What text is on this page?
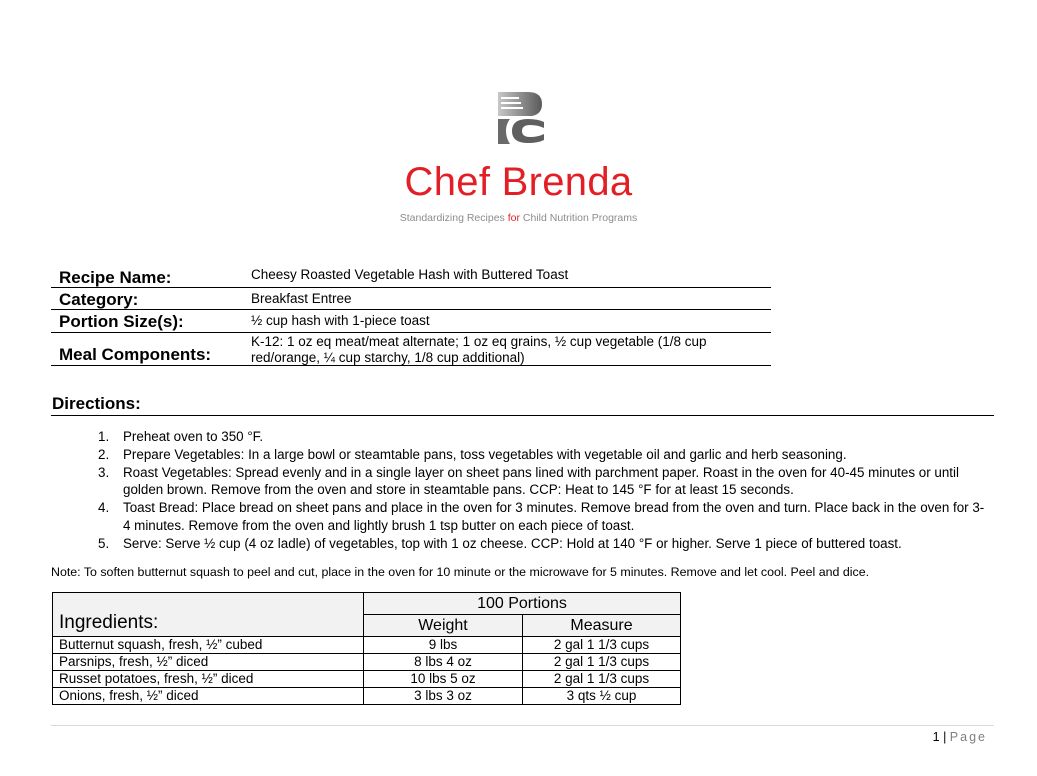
Chef Brenda
Standardizing Recipes for Child Nutrition Programs
Recipe Name:	Cheesy Roasted Vegetable Hash with Buttered Toast
Category:	Breakfast Entree
Portion Size(s):	½ cup hash with 1-piece toast
Meal Components:
K-12: 1 oz eq meat/meat alternate; 1 oz eq grains, ½ cup vegetable (1/8 cup red/orange, ¼ cup starchy, 1/8 cup additional)
Directions:
1. Preheat oven to 350 °F.
2. Prepare Vegetables: In a large bowl or steamtable pans, toss vegetables with vegetable oil and garlic and herb seasoning.
3. Roast Vegetables: Spread evenly and in a single layer on sheet pans lined with parchment paper. Roast in the oven for 40-45 minutes or until golden brown. Remove from the oven and store in steamtable pans. CCP: Heat to 145 °F for at least 15 seconds.
4. Toast Bread: Place bread on sheet pans and place in the oven for 3 minutes. Remove bread from the oven and turn. Place back in the oven for 3-4 minutes. Remove from the oven and lightly brush 1 tsp butter on each piece of toast.
5. Serve: Serve ½ cup (4 oz ladle) of vegetables, top with 1 oz cheese. CCP: Hold at 140 °F or higher. Serve 1 piece of buttered toast.
Note: To soften butternut squash to peel and cut, place in the oven for 10 minute or the microwave for 5 minutes. Remove and let cool. Peel and dice.
Ingredients:	100 Portions	
	Weight	Measure
Butternut squash, fresh, ½” cubed	9 lbs	2 gal 1 1/3 cups
Parsnips, fresh, ½” diced	8 lbs 4 oz	2 gal 1 1/3 cups
Russet potatoes, fresh, ½” diced	10 lbs 5 oz	2 gal 1 1/3 cups
Onions, fresh, ½” diced	3 lbs 3 oz	3 qts ½ cup
1 | Page
